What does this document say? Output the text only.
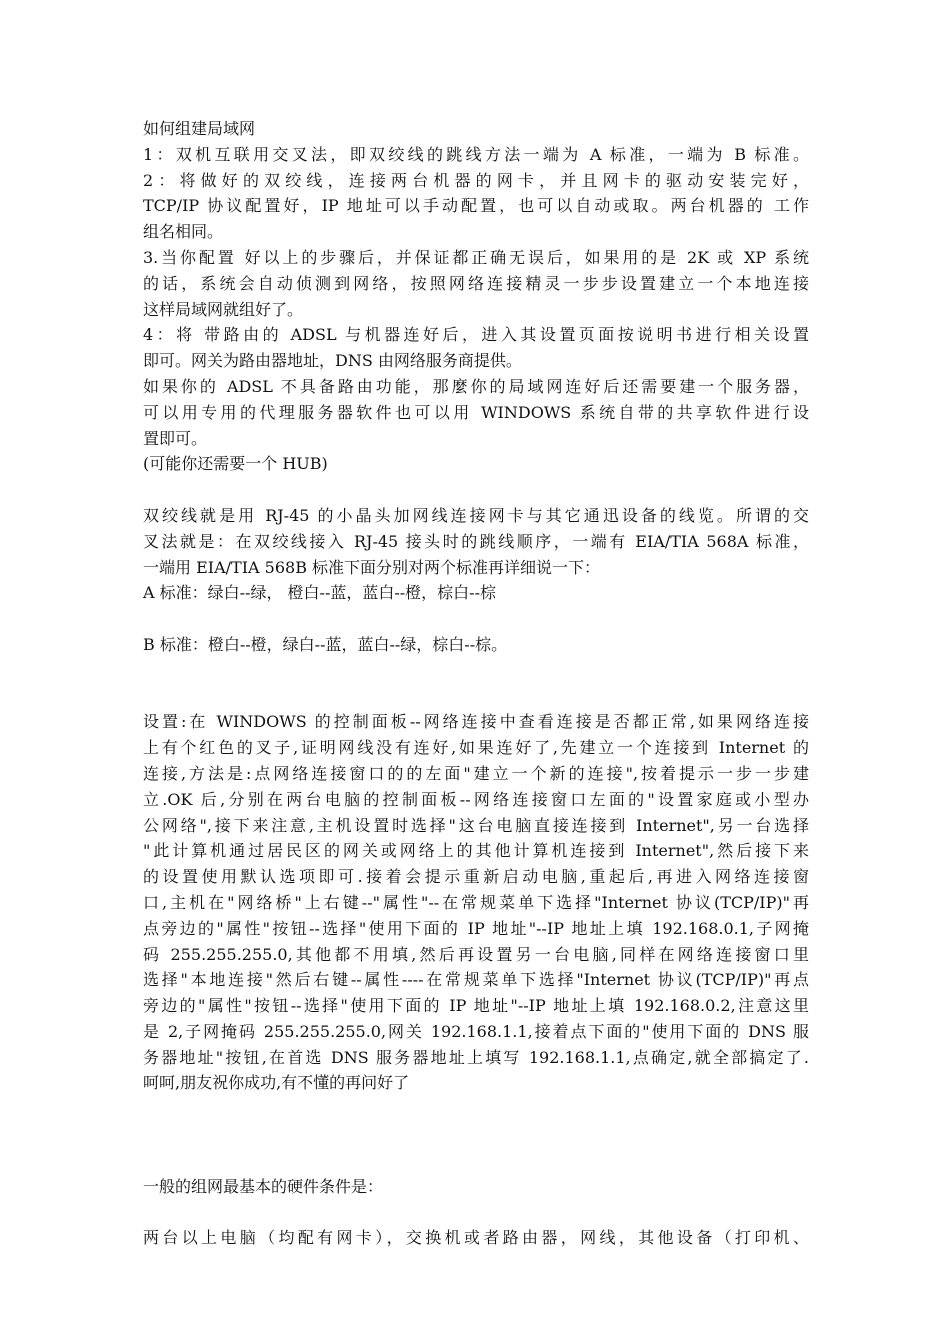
如何组建局域网
1：双机互联用交叉法，即双绞线的跳线方法一端为 A 标准，一端为 B 标准。
2：将做好的双绞线，连接两台机器的网卡，并且网卡的驱动安装完好，
TCP/IP 协议配置好，IP 地址可以手动配置，也可以自动或取。两台机器的 工作
组名相同。
3.当你配置 好以上的步骤后，并保证都正确无误后，如果用的是 2K 或 XP 系统
的话，系统会自动侦测到网络，按照网络连接精灵一步步设置建立一个本地连接
这样局域网就组好了。
4：将 带路由的 ADSL 与机器连好后，进入其设置页面按说明书进行相关设置
即可。网关为路由器地址，DNS 由网络服务商提供。
如果你的 ADSL 不具备路由功能，那麼你的局域网连好后还需要建一个服务器，
可以用专用的代理服务器软件也可以用 WINDOWS 系统自带的共享软件进行设
置即可。
(可能你还需要一个 HUB)
双绞线就是用 RJ-45 的小晶头加网线连接网卡与其它通迅设备的线览。所谓的交
叉法就是：在双绞线接入 RJ-45 接头时的跳线顺序，一端有 EIA/TIA 568A 标准，
一端用 EIA/TIA 568B 标准下面分别对两个标准再详细说一下：
A 标准：绿白--绿， 橙白--蓝，蓝白--橙，棕白--棕
B 标准：橙白--橙，绿白--蓝，蓝白--绿，棕白--棕。
设置:在 WINDOWS 的控制面板--网络连接中查看连接是否都正常,如果网络连接
上有个红色的叉子,证明网线没有连好,如果连好了,先建立一个连接到 Internet 的
连接,方法是:点网络连接窗口的的左面"建立一个新的连接",按着提示一步一步建
立.OK 后,分别在两台电脑的控制面板--网络连接窗口左面的"设置家庭或小型办
公网络",接下来注意,主机设置时选择"这台电脑直接连接到 Internet",另一台选择
"此计算机通过居民区的网关或网络上的其他计算机连接到 Internet",然后接下来
的设置使用默认选项即可.接着会提示重新启动电脑,重起后,再进入网络连接窗
口,主机在"网络桥"上右键--"属性"--在常规菜单下选择"Internet 协议(TCP/IP)"再
点旁边的"属性"按钮--选择"使用下面的 IP 地址"--IP 地址上填 192.168.0.1,子网掩
码 255.255.255.0,其他都不用填,然后再设置另一台电脑,同样在网络连接窗口里
选择"本地连接"然后右键--属性----在常规菜单下选择"Internet 协议(TCP/IP)"再点
旁边的"属性"按钮--选择"使用下面的 IP 地址"--IP 地址上填 192.168.0.2,注意这里
是 2,子网掩码 255.255.255.0,网关 192.168.1.1,接着点下面的"使用下面的 DNS 服
务器地址"按钮,在首选 DNS 服务器地址上填写 192.168.1.1,点确定,就全部搞定了.
呵呵,朋友祝你成功,有不懂的再问好了
一般的组网最基本的硬件条件是：
两台以上电脑（均配有网卡），交换机或者路由器，网线，其他设备（打印机、
